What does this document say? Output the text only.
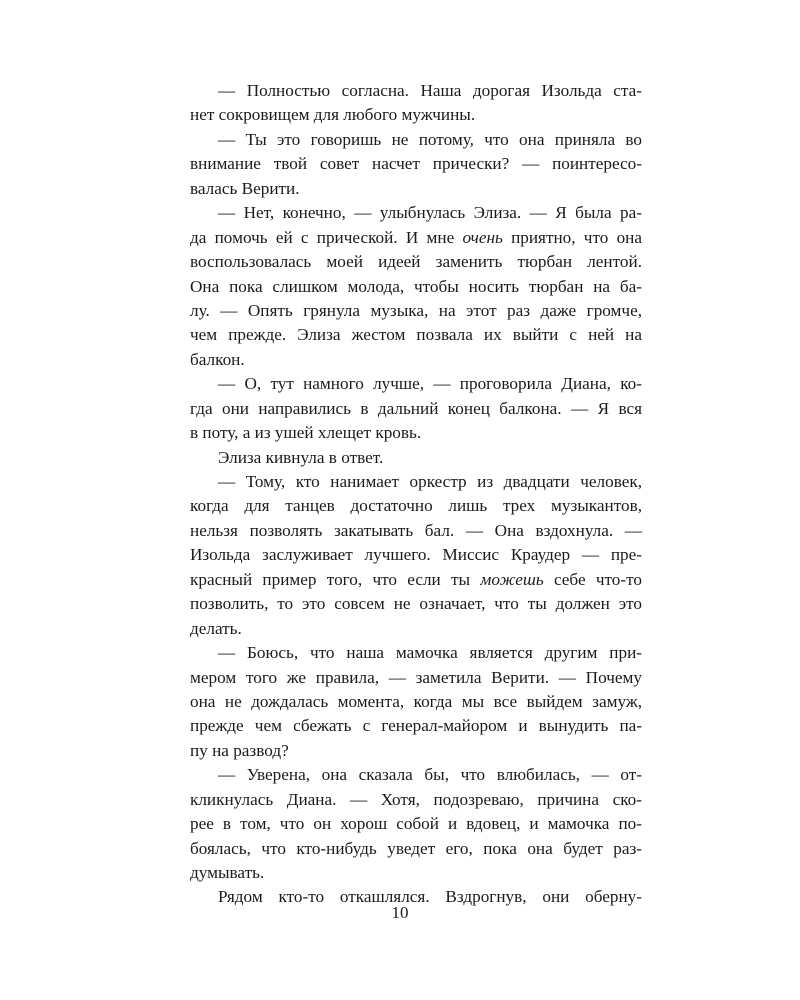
— Полностью согласна. Наша дорогая Изольда ста-
нет сокровищем для любого мужчины.
— Ты это говоришь не потому, что она приняла во
внимание твой совет насчет прически? — поинтересо-
валась Верити.
— Нет, конечно, — улыбнулась Элиза. — Я была ра-
да помочь ей с прической. И мне очень приятно, что она
воспользовалась моей идеей заменить тюрбан лентой.
Она пока слишком молода, чтобы носить тюрбан на ба-
лу. — Опять грянула музыка, на этот раз даже громче,
чем прежде. Элиза жестом позвала их выйти с ней на
балкон.
— О, тут намного лучше, — проговорила Диана, ко-
гда они направились в дальний конец балкона. — Я вся
в поту, а из ушей хлещет кровь.
Элиза кивнула в ответ.
— Тому, кто нанимает оркестр из двадцати человек,
когда для танцев достаточно лишь трех музыкантов,
нельзя позволять закатывать бал. — Она вздохнула. —
Изольда заслуживает лучшего. Миссис Краудер — пре-
красный пример того, что если ты можешь себе что-то
позволить, то это совсем не означает, что ты должен это
делать.
— Боюсь, что наша мамочка является другим при-
мером того же правила, — заметила Верити. — Почему
она не дождалась момента, когда мы все выйдем замуж,
прежде чем сбежать с генерал-майором и вынудить па-
пу на развод?
— Уверена, она сказала бы, что влюбилась, — от-
кликнулась Диана. — Хотя, подозреваю, причина ско-
рее в том, что он хорош собой и вдовец, и мамочка по-
боялась, что кто-нибудь уведет его, пока она будет раз-
думывать.
Рядом кто-то откашлялся. Вздрогнув, они оберну-
10
